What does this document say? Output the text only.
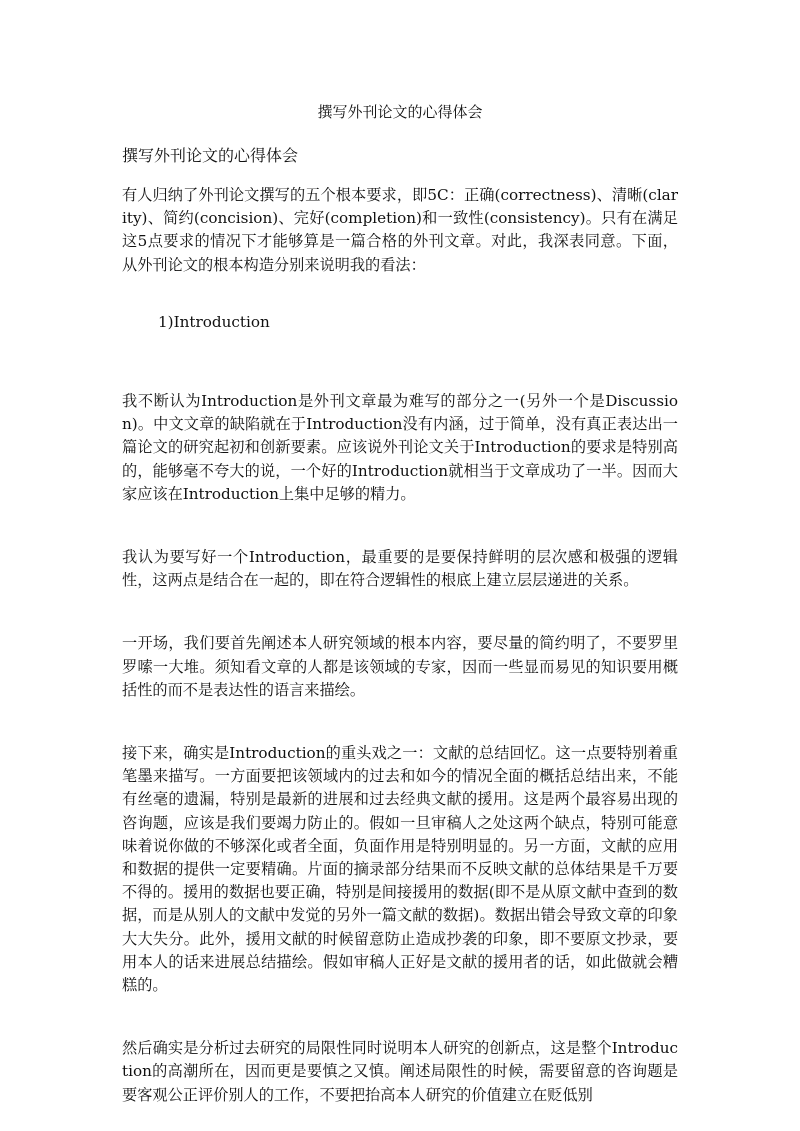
撰写外刊论文的心得体会
撰写外刊论文的心得体会

有人归纳了外刊论文撰写的五个根本要求，即5C：正确(correctness)、清晰(clarity)、简约(concision)、完好(completion)和一致性(consistency)。只有在满足这5点要求的情况下才能够算是一篇合格的外刊文章。对此，我深表同意。下面，从外刊论文的根本构造分别来说明我的看法：

1)Introduction

我不断认为Introduction是外刊文章最为难写的部分之一(另外一个是Discussion)。中文文章的缺陷就在于Introduction没有内涵，过于简单，没有真正表达出一篇论文的研究起初和创新要素。应该说外刊论文关于Introduction的要求是特别高的，能够毫不夸大的说，一个好的Introduction就相当于文章成功了一半。因而大家应该在Introduction上集中足够的精力。

我认为要写好一个Introduction，最重要的是要保持鲜明的层次感和极强的逻辑性，这两点是结合在一起的，即在符合逻辑性的根底上建立层层递进的关系。

一开场，我们要首先阐述本人研究领域的根本内容，要尽量的简约明了，不要罗里罗嗦一大堆。须知看文章的人都是该领域的专家，因而一些显而易见的知识要用概括性的而不是表达性的语言来描绘。

接下来，确实是Introduction的重头戏之一：文献的总结回忆。这一点要特别着重笔墨来描写。一方面要把该领域内的过去和如今的情况全面的概括总结出来，不能有丝毫的遗漏，特别是最新的进展和过去经典文献的援用。这是两个最容易出现的咨询题，应该是我们要竭力防止的。假如一旦审稿人之处这两个缺点，特别可能意味着说你做的不够深化或者全面，负面作用是特别明显的。另一方面，文献的应用和数据的提供一定要精确。片面的摘录部分结果而不反映文献的总体结果是千万要不得的。援用的数据也要正确，特别是间接援用的数据(即不是从原文献中查到的数据，而是从别人的文献中发觉的另外一篇文献的数据)。数据出错会导致文章的印象大大失分。此外，援用文献的时候留意防止造成抄袭的印象，即不要原文抄录，要用本人的话来进展总结描绘。假如审稿人正好是文献的援用者的话，如此做就会糟糕的。

然后确实是分析过去研究的局限性同时说明本人研究的创新点，这是整个Introduction的高潮所在，因而更是要慎之又慎。阐述局限性的时候，需要留意的咨询题是要客观公正评价别人的工作，不要把抬高本人研究的价值建立在贬低别
